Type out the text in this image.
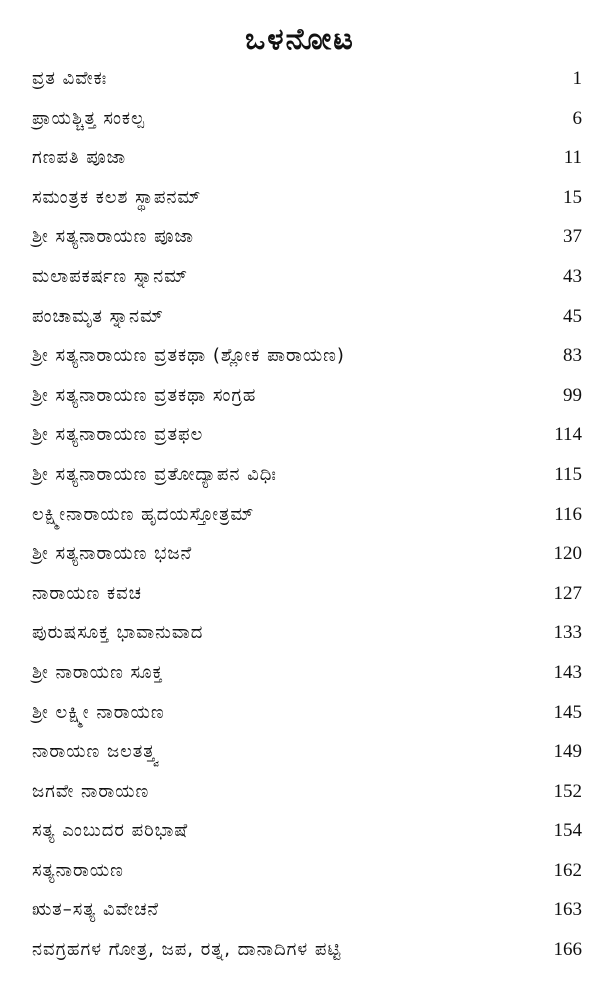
ಒಳನೋಟ
ವ್ರತ ವಿವೇಕಃ	1
ಪ್ರಾಯಶ್ಚಿತ್ತ ಸಂಕಲ್ಪ	6
ಗಣಪತಿ ಪೂಜಾ	11
ಸಮಂತ್ರಕ ಕಲಶ ಸ್ಥಾಪನಮ್	15
ಶ್ರೀ ಸತ್ಯನಾರಾಯಣ ಪೂಜಾ	37
ಮಲಾಪಕರ್ಷಣ ಸ್ನಾನಮ್	43
ಪಂಚಾಮೃತ ಸ್ನಾನಮ್	45
ಶ್ರೀ ಸತ್ಯನಾರಾಯಣ ವ್ರತಕಥಾ (ಶ್ಲೋಕ ಪಾರಾಯಣ)	83
ಶ್ರೀ ಸತ್ಯನಾರಾಯಣ ವ್ರತಕಥಾ ಸಂಗ್ರಹ	99
ಶ್ರೀ ಸತ್ಯನಾರಾಯಣ ವ್ರತಫಲ	114
ಶ್ರೀ ಸತ್ಯನಾರಾಯಣ ವ್ರತೋದ್ಯಾಪನ ವಿಧಿಃ	115
ಲಕ್ಷ್ಮೀನಾರಾಯಣ ಹೃದಯಸ್ತೋತ್ರಮ್	116
ಶ್ರೀ ಸತ್ಯನಾರಾಯಣ ಭಜನೆ	120
ನಾರಾಯಣ ಕವಚ	127
ಪುರುಷಸೂಕ್ತ ಭಾವಾನುವಾದ	133
ಶ್ರೀ ನಾರಾಯಣ ಸೂಕ್ತ	143
ಶ್ರೀ ಲಕ್ಷ್ಮೀ ನಾರಾಯಣ	145
ನಾರಾಯಣ ಜಲತತ್ತ್ವ	149
ಜಗವೇ ನಾರಾಯಣ	152
ಸತ್ಯ ಎಂಬುದರ ಪರಿಭಾಷೆ	154
ಸತ್ಯನಾರಾಯಣ	162
ಋತ–ಸತ್ಯ ವಿವೇಚನೆ	163
ನವಗ್ರಹಗಳ ಗೋತ್ರ, ಜಪ, ರತ್ನ, ದಾನಾದಿಗಳ ಪಟ್ಟಿ	166
